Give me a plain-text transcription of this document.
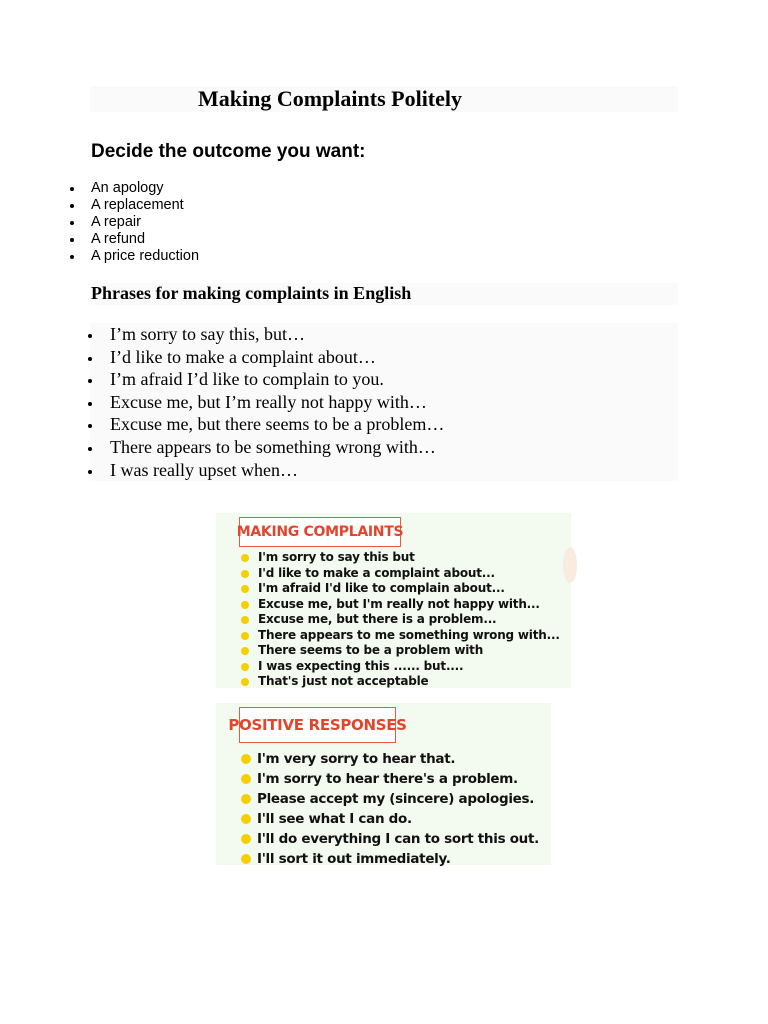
Making Complaints Politely
Decide the outcome you want:
An apology
A replacement
A repair
A refund
A price reduction
Phrases for making complaints in English
I’m sorry to say this, but…
I’d like to make a complaint about…
I’m afraid I’d like to complain to you.
Excuse me, but I’m really not happy with…
Excuse me, but there seems to be a problem…
There appears to be something wrong with…
I was really upset when…
MAKING COMPLAINTS
I'm sorry to say this but
I'd like to make a complaint about...
I'm afraid I'd like to complain about...
Excuse me, but I'm really not happy with...
Excuse me, but there is a problem...
There appears to me something wrong with...
There seems to be a problem with
I was expecting this ...... but....
That's just not acceptable
POSITIVE RESPONSES
I'm very sorry to hear that.
I'm sorry to hear there's a problem.
Please accept my (sincere) apologies.
I'll see what I can do.
I'll do everything I can to sort this out.
I'll sort it out immediately.
